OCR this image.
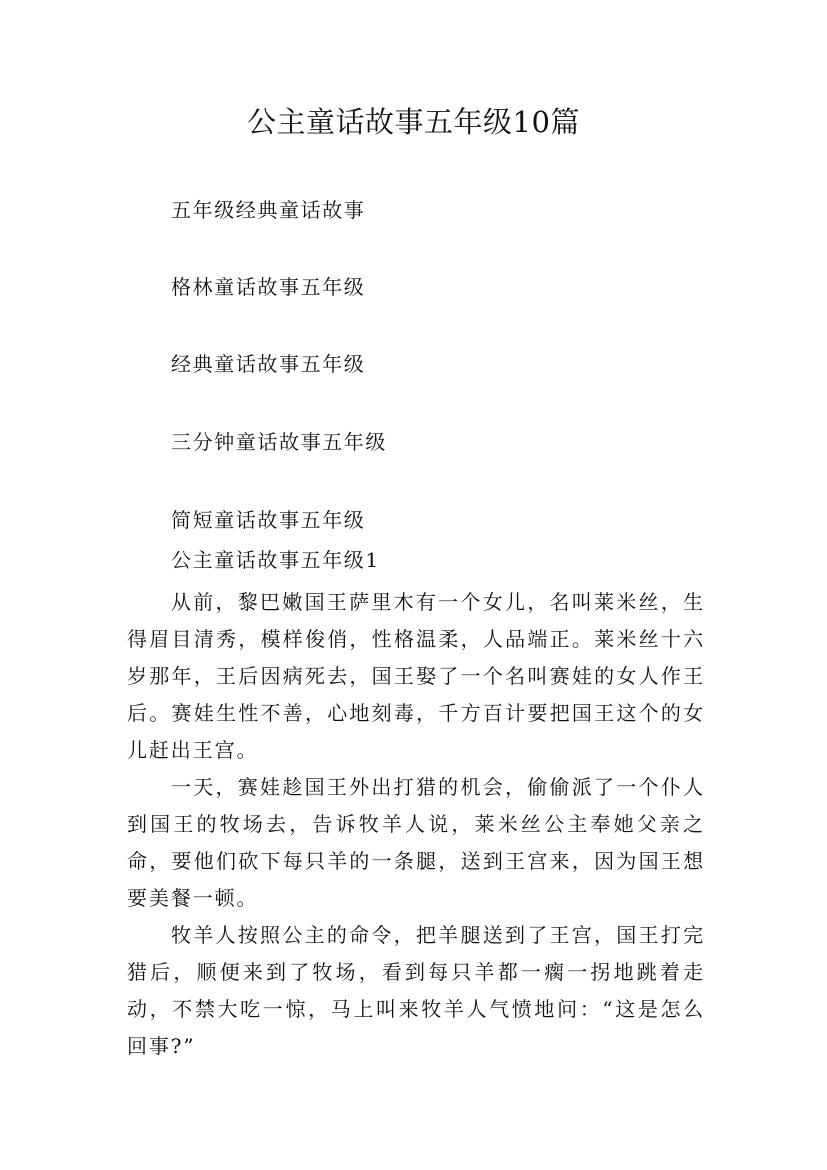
公主童话故事五年级10篇
五年级经典童话故事
格林童话故事五年级
经典童话故事五年级
三分钟童话故事五年级
简短童话故事五年级
公主童话故事五年级1

从前，黎巴嫩国王萨里木有一个女儿，名叫莱米丝，生得眉目清秀，模样俊俏，性格温柔，人品端正。莱米丝十六岁那年，王后因病死去，国王娶了一个名叫赛娃的女人作王后。赛娃生性不善，心地刻毒，千方百计要把国王这个的女儿赶出王宫。

一天，赛娃趁国王外出打猎的机会，偷偷派了一个仆人到国王的牧场去，告诉牧羊人说，莱米丝公主奉她父亲之命，要他们砍下每只羊的一条腿，送到王宫来，因为国王想要美餐一顿。

牧羊人按照公主的命令，把羊腿送到了王宫，国王打完猎后，顺便来到了牧场，看到每只羊都一瘸一拐地跳着走动，不禁大吃一惊，马上叫来牧羊人气愤地问：“这是怎么回事?”
